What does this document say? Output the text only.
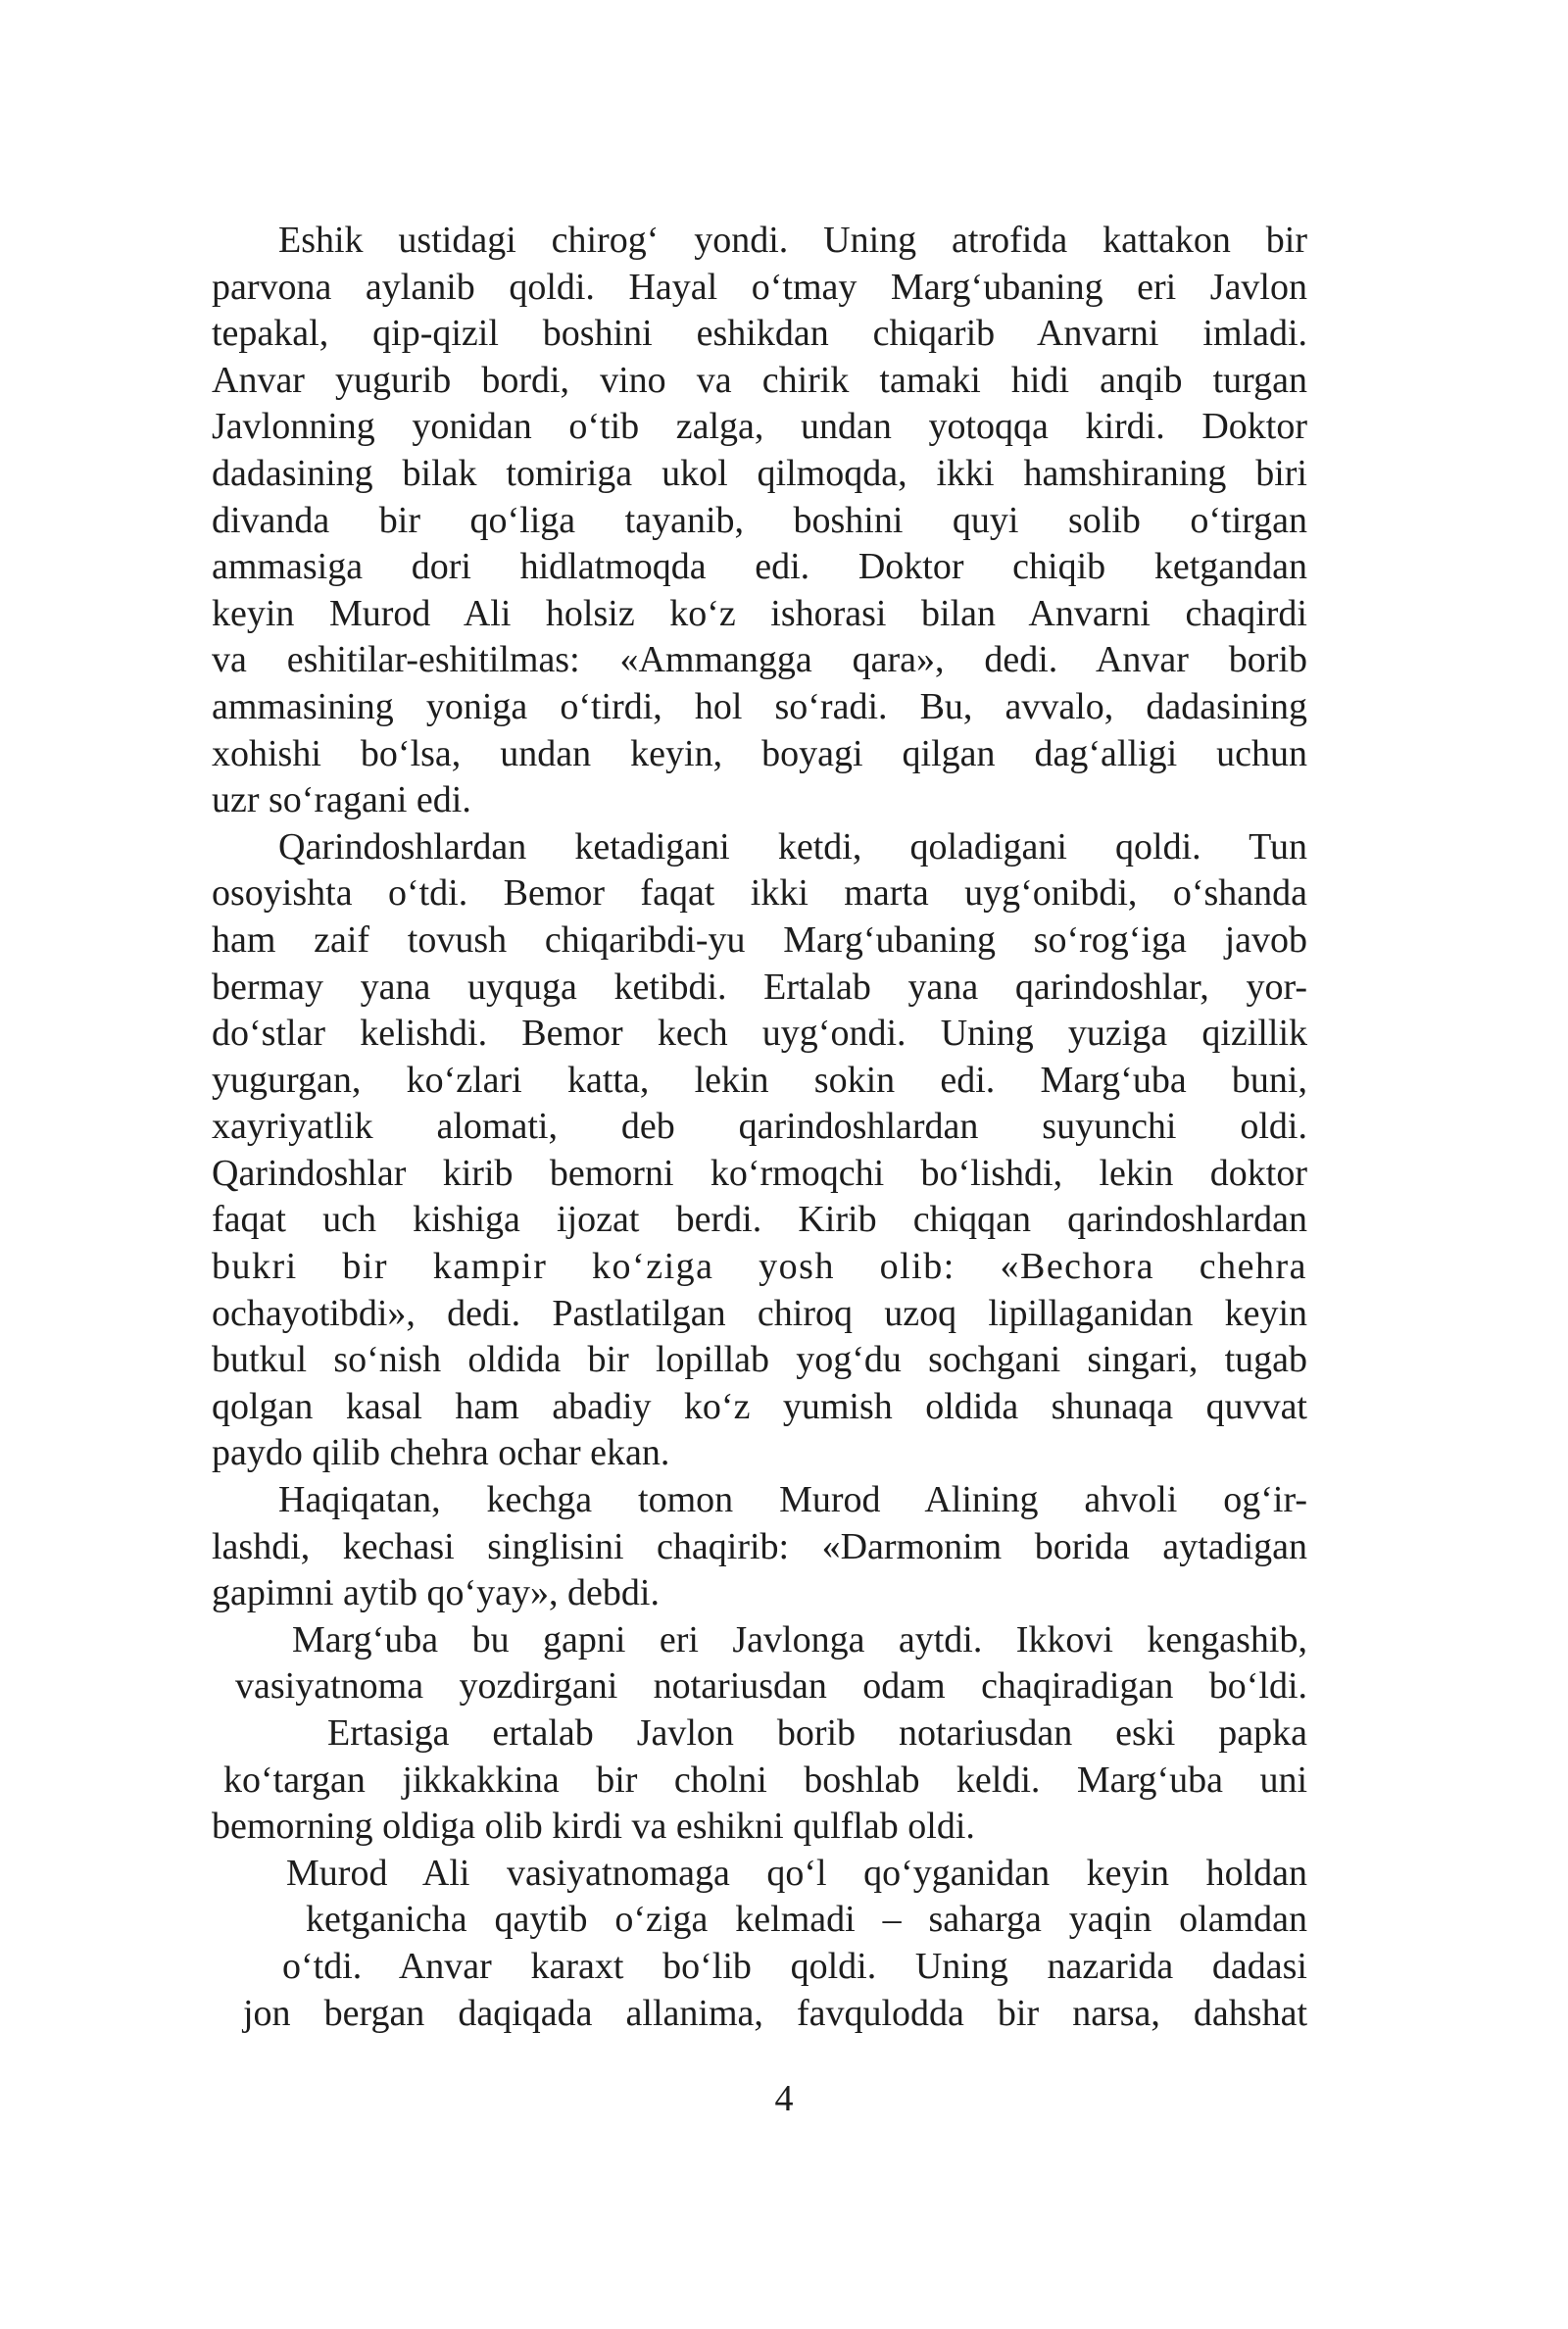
Eshik ustidagi chirog‘ yondi. Uning atrofida kattakon bir
parvona aylanib qoldi. Hayal o‘tmay Marg‘ubaning eri Javlon
tepakal, qip-qizil boshini eshikdan chiqarib Anvarni imladi.
Anvar yugurib bordi, vino va chirik tamaki hidi anqib turgan
Javlonning yonidan o‘tib zalga, undan yotoqqa kirdi. Doktor
dadasining bilak tomiriga ukol qilmoqda, ikki hamshiraning biri
divanda bir qo‘liga tayanib, boshini quyi solib o‘tirgan
ammasiga dori hidlatmoqda edi. Doktor chiqib ketgandan
keyin Murod Ali holsiz ko‘z ishorasi bilan Anvarni chaqirdi
va eshitilar-eshitilmas: «Ammangga qara», dedi. Anvar borib
ammasining yoniga o‘tirdi, hol so‘radi. Bu, avvalo, dadasining
xohishi bo‘lsa, undan keyin, boyagi qilgan dag‘alligi uchun
uzr so‘ragani edi.
Qarindoshlardan ketadigani ketdi, qoladigani qoldi. Tun
osoyishta o‘tdi. Bemor faqat ikki marta uyg‘onibdi, o‘shanda
ham zaif tovush chiqaribdi-yu Marg‘ubaning so‘rog‘iga javob
bermay yana uyquga ketibdi. Ertalab yana qarindoshlar, yor-
do‘stlar kelishdi. Bemor kech uyg‘ondi. Uning yuziga qizillik
yugurgan, ko‘zlari katta, lekin sokin edi. Marg‘uba buni,
xayriyatlik alomati, deb qarindoshlardan suyunchi oldi.
Qarindoshlar kirib bemorni ko‘rmoqchi bo‘lishdi, lekin doktor
faqat uch kishiga ijozat berdi. Kirib chiqqan qarindoshlardan
bukri bir kampir ko‘ziga yosh olib: «Bechora chehra
ochayotibdi», dedi. Pastlatilgan chiroq uzoq lipillaganidan keyin
butkul so‘nish oldida bir lopillab yog‘du sochgani singari, tugab
qolgan kasal ham abadiy ko‘z yumish oldida shunaqa quvvat
paydo qilib chehra ochar ekan.
Haqiqatan, kechga tomon Murod Alining ahvoli og‘ir-
lashdi, kechasi singlisini chaqirib: «Darmonim borida aytadigan
gapimni aytib qo‘yay», debdi.
Marg‘uba bu gapni eri Javlonga aytdi. Ikkovi kengashib,
vasiyatnoma yozdirgani notariusdan odam chaqiradigan bo‘ldi.
Ertasiga ertalab Javlon borib notariusdan eski papka
ko‘targan jikkakkina bir cholni boshlab keldi. Marg‘uba uni
bemorning oldiga olib kirdi va eshikni qulflab oldi.
Murod Ali vasiyatnomaga qo‘l qo‘yganidan keyin holdan
ketganicha qaytib o‘ziga kelmadi – saharga yaqin olamdan
o‘tdi. Anvar karaxt bo‘lib qoldi. Uning nazarida dadasi
jon bergan daqiqada allanima, favqulodda bir narsa, dahshat
4
